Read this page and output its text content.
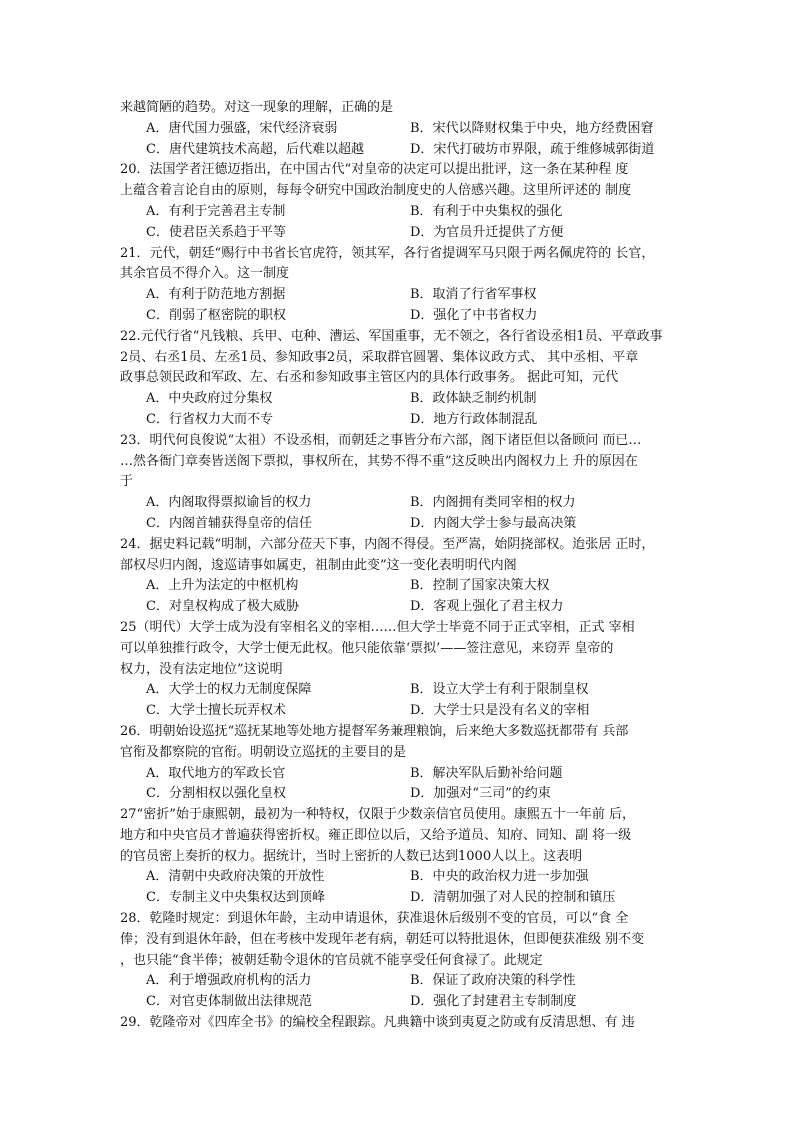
来越简陋的趋势。对这一现象的理解，正确的是
A．唐代国力强盛，宋代经济衰弱	B．宋代以降财权集于中央，地方经费困窘
C．唐代建筑技术高超，后代难以超越	D．宋代打破坊市界限，疏于维修城郭街道
20．法国学者汪德迈指出，在中国古代“对皇帝的决定可以提出批评，这一条在某种程 度
上蕴含着言论自由的原则，每每令研究中国政治制度史的人倍感兴趣。这里所评述的 制度
A．有利于完善君主专制	B．有利于中央集权的强化
C．使君臣关系趋于平等	D．为官员升迁提供了方便
21．元代，朝廷“赐行中书省长官虎符，领其军，各行省提调军马只限于两名佩虎符的 长官，
其余官员不得介入。这一制度
A．有利于防范地方割据	B．取消了行省军事权
C．削弱了枢密院的职权	D．强化了中书省权力
22.元代行省“凡钱粮、兵甲、屯种、漕运、军国重事，无不领之，各行省设丞相1员、平章政事
2员、右丞1员、左丞1员、参知政事2员，采取群官圆署、集体议政方式、 其中丞相、平章
政事总领民政和军政、左、右丞和参知政事主管区内的具体行政事务。 据此可知，元代
A．中央政府过分集权	B．政体缺乏制约机制
C．行省权力大而不专	D．地方行政体制混乱
23．明代何良俊说“太祖）不设丞相，而朝廷之事皆分布六部，阁下诸臣但以备顾问 而已…
…然各衙门章奏皆送阁下票拟，事权所在，其势不得不重”这反映出内阁权力上 升的原因在
于
A．内阁取得票拟谕旨的权力	B．内阁拥有类同宰相的权力
C．内阁首辅获得皇帝的信任	D．内阁大学士参与最高决策
24．据史料记载“明制，六部分莅天下事，内阁不得侵。至严嵩，始阴挠部权。迨张居 正时，
部权尽归内阁，逡巡请事如属吏，祖制由此变”这一变化表明明代内阁
A．上升为法定的中枢机构	B．控制了国家决策大权
C．对皇权构成了极大威胁	D．客观上强化了君主权力
25（明代）大学士成为没有宰相名义的宰相……但大学士毕竟不同于正式宰相，正式 宰相
可以单独推行政令，大学士便无此权。他只能依靠‘票拟’——签注意见，来窃弄 皇帝的
权力，没有法定地位”这说明
A．大学士的权力无制度保障	B．设立大学士有利于限制皇权
C．大学士擅长玩弄权术	D．大学士只是没有名义的宰相
26．明朝始设巡抚“巡抚某地等处地方提督军务兼理粮饷，后来绝大多数巡抚都带有 兵部
官衔及都察院的官衔。明朝设立巡抚的主要目的是
A．取代地方的军政长官	B．解决军队后勤补给问题
C．分割相权以强化皇权	D．加强对“三司”的约束
27“密折”始于康熙朝，最初为一种特权，仅限于少数亲信官员使用。康熙五十一年前 后，
地方和中央官员才普遍获得密折权。雍正即位以后，又给予道员、知府、同知、副 将一级
的官员密上奏折的权力。据统计，当时上密折的人数已达到1000人以上。这表明
A．清朝中央政府决策的开放性	B．中央的政治权力进一步加强
C．专制主义中央集权达到顶峰	D．清朝加强了对人民的控制和镇压
28．乾隆时规定：到退休年龄，主动申请退休，获准退休后级别不变的官员，可以“食 全
俸；没有到退休年龄，但在考核中发现年老有病，朝廷可以特批退休，但即便获准级 别不变
，也只能“食半俸；被朝廷勒令退休的官员就不能享受任何食禄了。此规定
A．利于增强政府机构的活力	B．保证了政府决策的科学性
C．对官吏体制做出法律规范	D．强化了封建君主专制制度
29．乾隆帝对《四库全书》的编校全程跟踪。凡典籍中谈到夷夏之防或有反清思想、有 违
